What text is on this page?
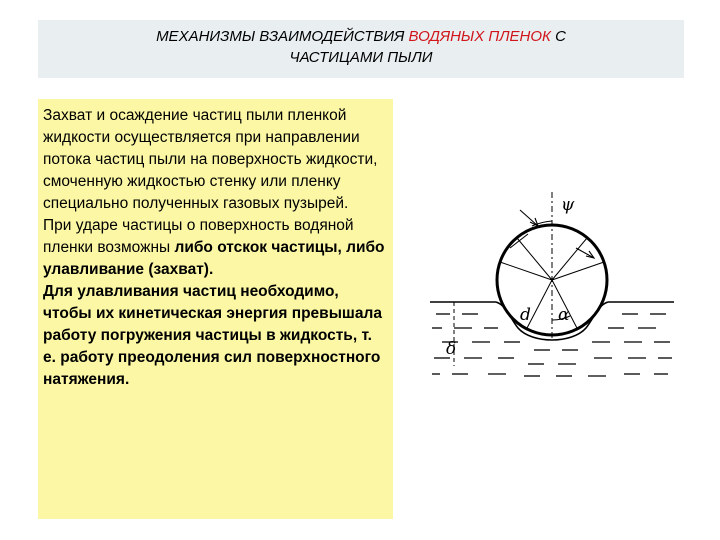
МЕХАНИЗМЫ ВЗАИМОДЕЙСТВИЯ ВОДЯНЫХ ПЛЕНОК С
ЧАСТИЦАМИ ПЫЛИ

Захват и осаждение частиц пыли пленкой жидкости осуществляется при направлении потока частиц пыли на поверхность жидкости, смоченную жидкостью стенку или пленку специально полученных газовых пузырей.

При ударе частицы о поверхность водяной пленки возможны либо отскок частицы, либо улавливание (захват).

Для улавливания частиц необходимо, чтобы их кинетическая энергия превышала работу погружения частицы в жидкость, т. е. работу преодоления сил поверхностного натяжения.

δ
ψ
d α
